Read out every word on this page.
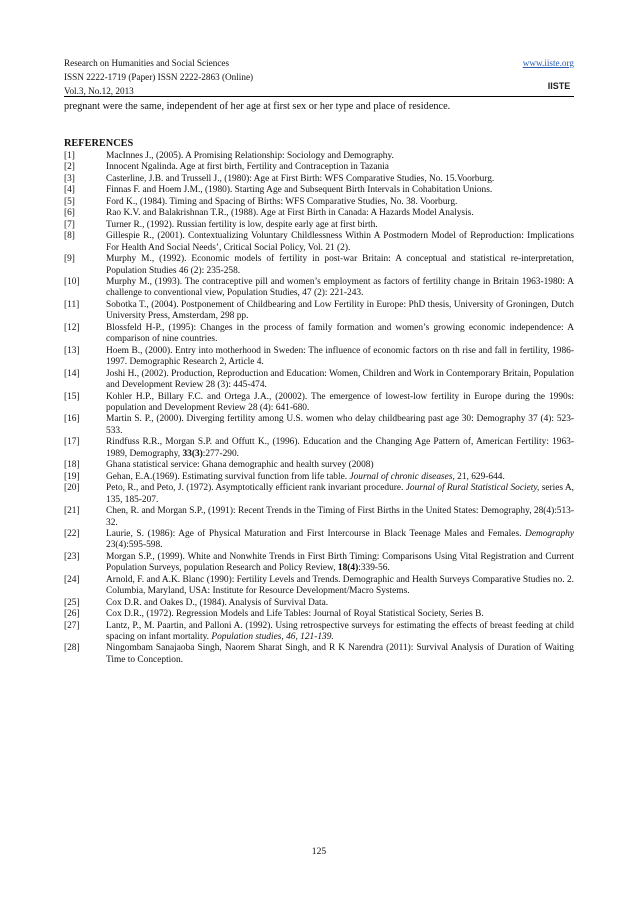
Research on Humanities and Social Sciences
ISSN 2222-1719 (Paper) ISSN 2222-2863 (Online)
Vol.3, No.12, 2013
www.iiste.org
IISTE
pregnant were the same, independent of her age at first sex or her type and place of residence.
REFERENCES
[1]	MacInnes J., (2005). A Promising Relationship: Sociology and Demography.
[2]	Innocent Ngalinda. Age at first birth, Fertility and Contraception in Tazania
[3]	Casterline, J.B. and Trussell J., (1980): Age at First Birth: WFS Comparative Studies, No. 15.Voorburg.
[4]	Finnas F. and Hoem J.M., (1980). Starting Age and Subsequent Birth Intervals in Cohabitation Unions.
[5]	Ford K., (1984). Timing and Spacing of Births: WFS Comparative Studies, No. 38. Voorburg.
[6]	Rao K.V. and Balakrishnan T.R., (1988). Age at First Birth in Canada: A Hazards Model Analysis.
[7]	Turner R., (1992). Russian fertility is low, despite early age at first birth.
[8]	Gillespie R., (2001). Contextualizing Voluntary Childlessness Within A Postmodern Model of Reproduction: Implications For Health And Social Needs’, Critical Social Policy, Vol. 21 (2).
[9]	Murphy M., (1992). Economic models of fertility in post-war Britain: A conceptual and statistical re-interpretation, Population Studies 46 (2): 235-258.
[10]	Murphy M., (1993). The contraceptive pill and women’s employment as factors of fertility change in Britain 1963-1980: A challenge to conventional view, Population Studies, 47 (2): 221-243.
[11]	Sobotka T., (2004). Postponement of Childbearing and Low Fertility in Europe: PhD thesis, University of Groningen, Dutch University Press, Amsterdam, 298 pp.
[12]	Blossfeld H-P., (1995): Changes in the process of family formation and women’s growing economic independence: A comparison of nine countries.
[13]	Hoem B., (2000). Entry into motherhood in Sweden: The influence of economic factors on th rise and fall in fertility, 1986-1997. Demographic Research 2, Article 4.
[14]	Joshi H., (2002). Production, Reproduction and Education: Women, Children and Work in Contemporary Britain, Population and Development Review 28 (3): 445-474.
[15]	Kohler H.P., Billary F.C. and Ortega J.A., (20002). The emergence of lowest-low fertility in Europe during the 1990s: population and Development Review 28 (4): 641-680.
[16]	Martin S. P., (2000). Diverging fertility among U.S. women who delay childbearing past age 30: Demography 37 (4): 523-533.
[17]	Rindfuss R.R., Morgan S.P. and Offutt K., (1996). Education and the Changing Age Pattern of, American Fertility: 1963-1989, Demography, 33(3):277-290.
[18]	Ghana statistical service: Ghana demographic and health survey (2008)
[19]	Gehan, E.A.(1969). Estimating survival function from life table. Journal of chronic diseases, 21, 629-644.
[20]	Peto, R., and Peto, J. (1972). Asymptotically efficient rank invariant procedure. Journal of Rural Statistical Society, series A, 135, 185-207.
[21]	Chen, R. and Morgan S.P., (1991): Recent Trends in the Timing of First Births in the United States: Demography, 28(4):513-32.
[22]	Laurie, S. (1986): Age of Physical Maturation and First Intercourse in Black Teenage Males and Females. Demography 23(4):595-598.
[23]	Morgan S.P., (1999). White and Nonwhite Trends in First Birth Timing: Comparisons Using Vital Registration and Current Population Surveys, population Research and Policy Review, 18(4):339-56.
[24]	Arnold, F. and A.K. Blanc (1990): Fertility Levels and Trends. Demographic and Health Surveys Comparative Studies no. 2. Columbia, Maryland, USA: Institute for Resource Development/Macro Systems.
[25]	Cox D.R. and Oakes D., (1984). Analysis of Survival Data.
[26]	Cox D.R., (1972). Regression Models and Life Tables: Journal of Royal Statistical Society, Series B.
[27]	Lantz, P., M. Paartin, and Palloni A. (1992). Using retrospective surveys for estimating the effects of breast feeding at child spacing on infant mortality. Population studies, 46, 121-139.
[28]	Ningombam Sanajaoba Singh, Naorem Sharat Singh, and R K Narendra (2011): Survival Analysis of Duration of Waiting Time to Conception.
125
